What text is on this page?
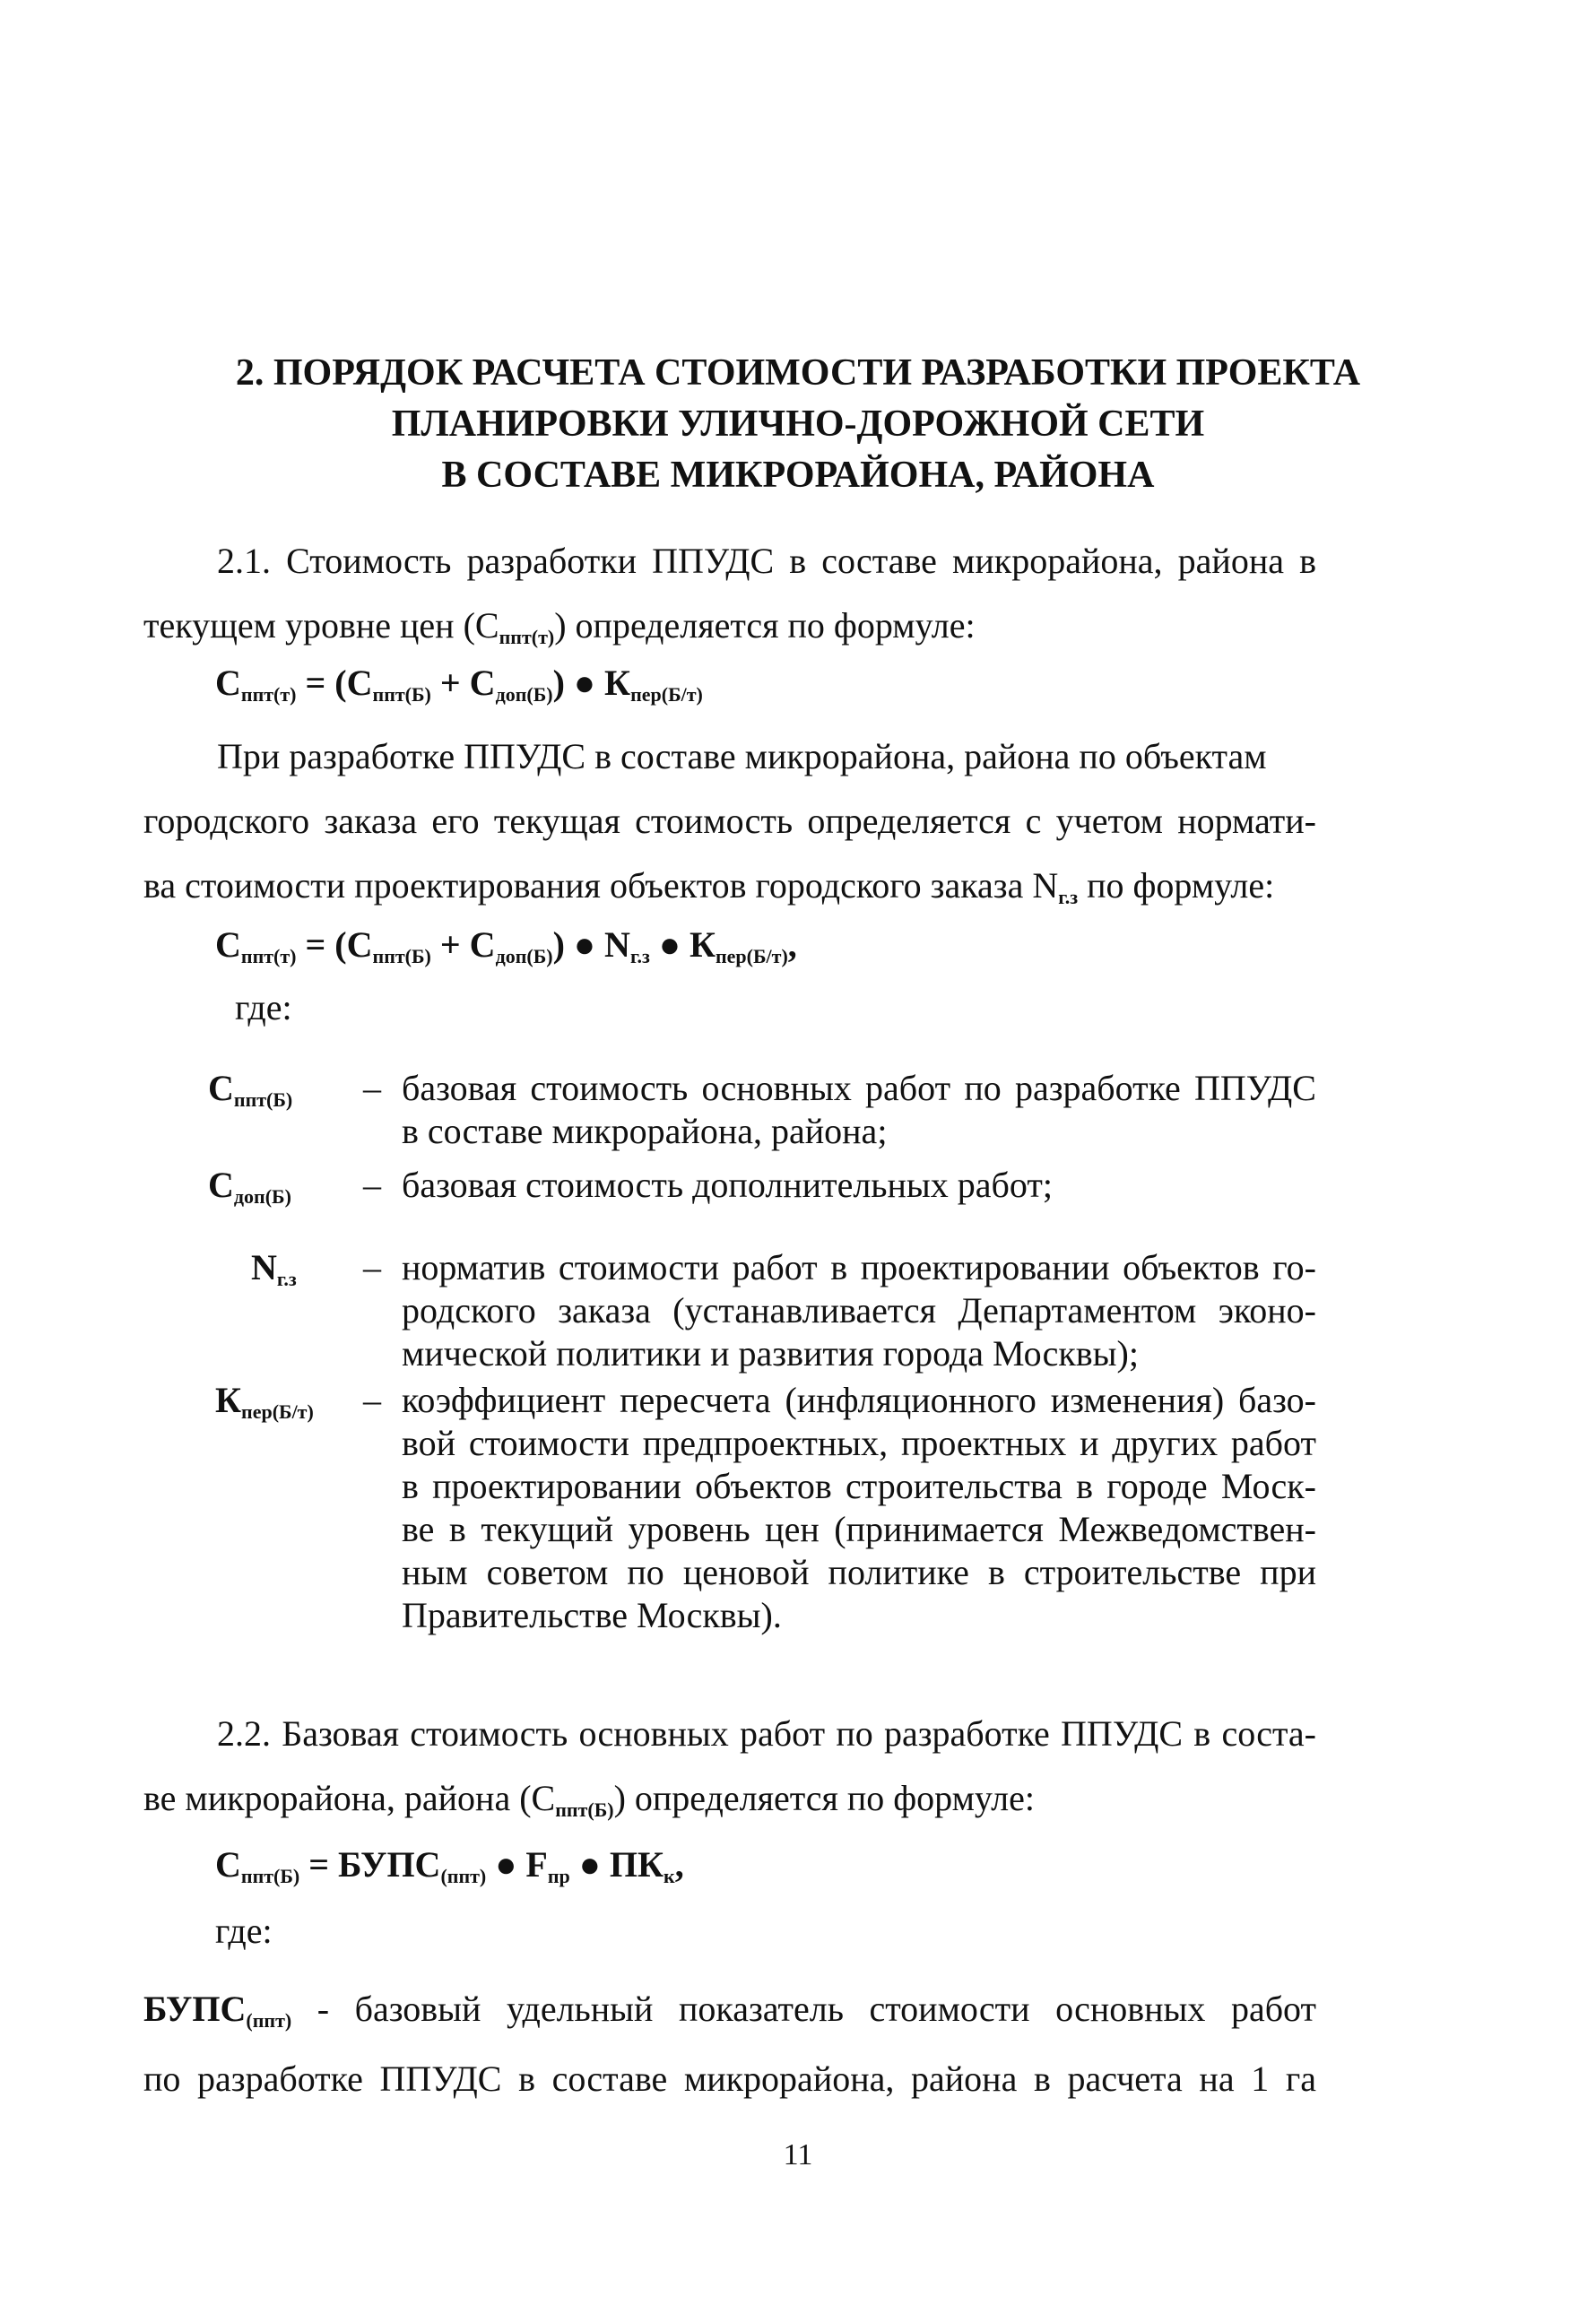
2. ПОРЯДОК РАСЧЕТА СТОИМОСТИ РАЗРАБОТКИ ПРОЕКТА
ПЛАНИРОВКИ УЛИЧНО-ДОРОЖНОЙ СЕТИ
В СОСТАВЕ МИКРОРАЙОНА, РАЙОНА
2.1. Стоимость разработки ППУДС в составе микрорайона, района в
текущем уровне цен (Сппт(т)) определяется по формуле:
Сппт(т) = (Сппт(Б) + Сдоп(Б)) ● Кпер(Б/т)
При разработке ППУДС в составе микрорайона, района по объектам
городского заказа его текущая стоимость определяется с учетом нормати-
ва стоимости проектирования объектов городского заказа Nг.з по формуле:
Сппт(т) = (Сппт(Б) + Сдоп(Б)) ● Nг.з ● Кпер(Б/т),
где:
Сппт(Б) – базовая стоимость основных работ по разработке ППУДС
в составе микрорайона, района;
Сдоп(Б) – базовая стоимость дополнительных работ;
Nг.з – норматив стоимости работ в проектировании объектов го-
родского заказа (устанавливается Департаментом эконо-
мической политики и развития города Москвы);
Кпер(Б/т) – коэффициент пересчета (инфляционного изменения) базо-
вой стоимости предпроектных, проектных и других работ
в проектировании объектов строительства в городе Моск-
ве в текущий уровень цен (принимается Межведомствен-
ным советом по ценовой политике в строительстве при
Правительстве Москвы).
2.2. Базовая стоимость основных работ по разработке ППУДС в соста-
ве микрорайона, района (Сппт(Б)) определяется по формуле:
Сппт(Б) = БУПС(ппт) ● Fпр ● ПКк,
где:
БУПС(ппт) - базовый удельный показатель стоимости основных работ
по разработке ППУДС в составе микрорайона, района в расчета на 1 га
11
